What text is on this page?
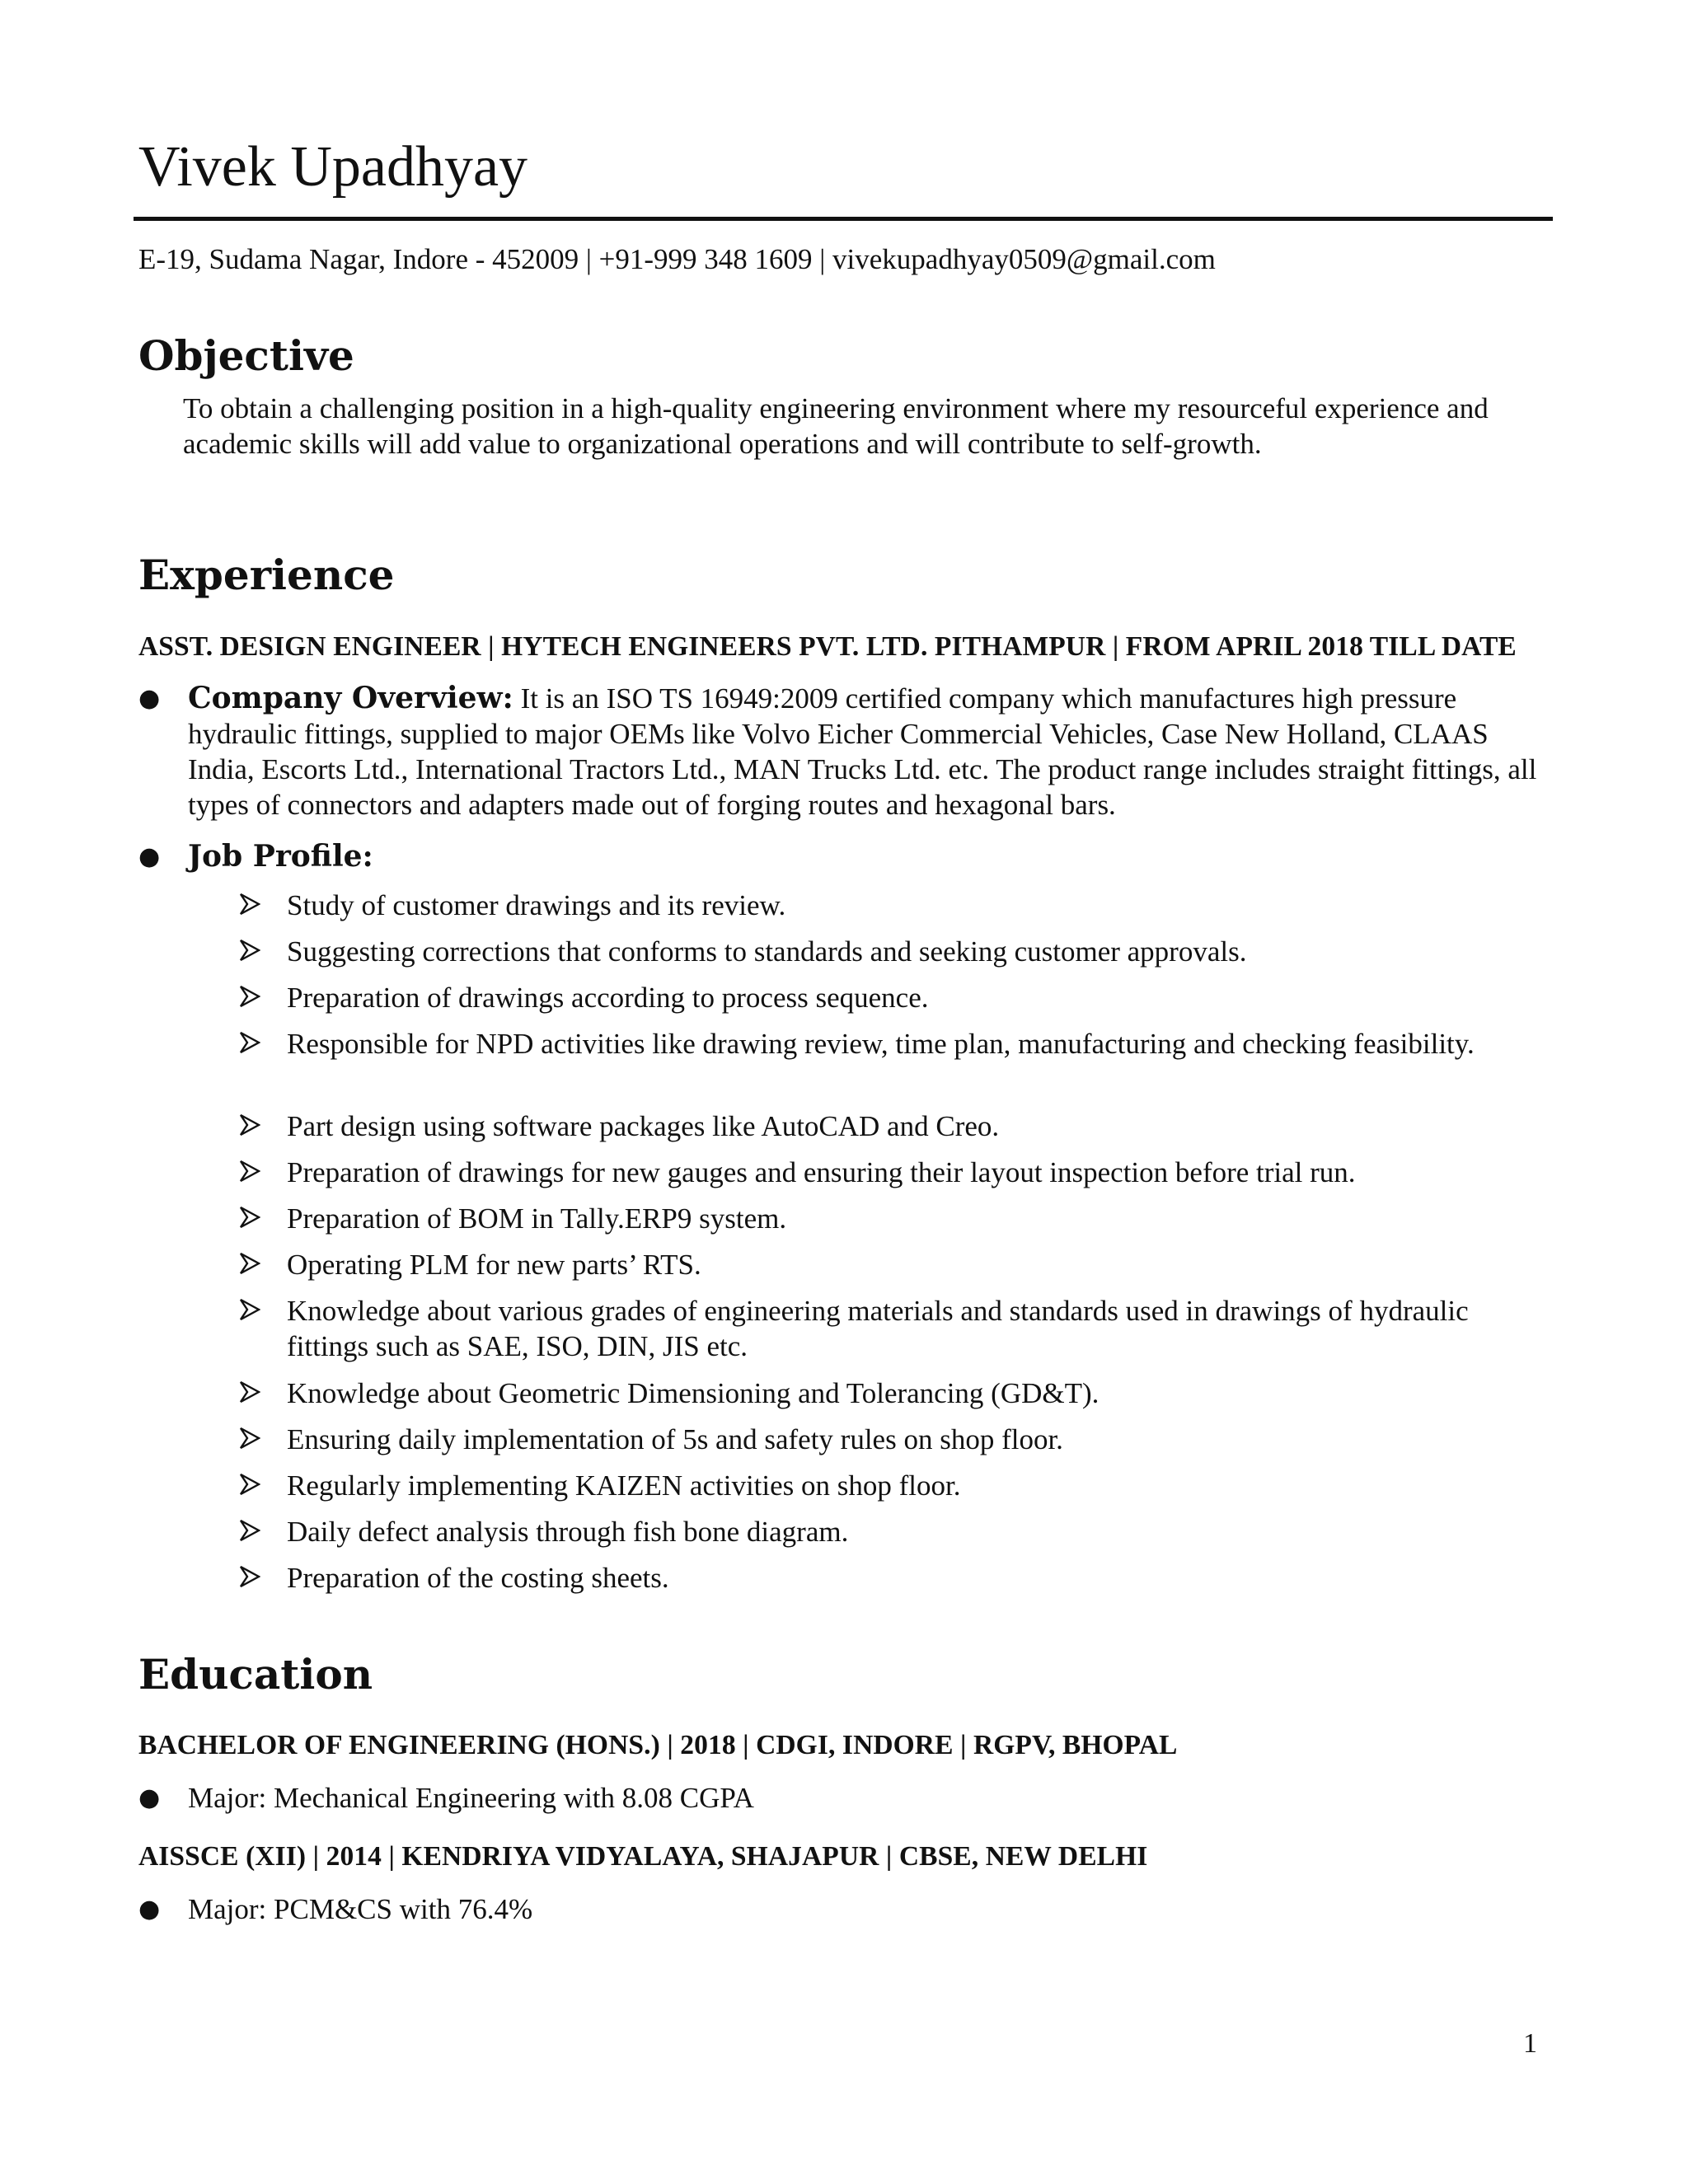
Vivek Upadhyay
E-19, Sudama Nagar, Indore - 452009 | +91-999 348 1609 | vivekupadhyay0509@gmail.com
Objective
To obtain a challenging position in a high-quality engineering environment where my resourceful experience and academic skills will add value to organizational operations and will contribute to self-growth.
Experience
ASST. DESIGN ENGINEER | HYTECH ENGINEERS PVT. LTD. PITHAMPUR | FROM APRIL 2018 TILL DATE
● Company Overview: It is an ISO TS 16949:2009 certified company which manufactures high pressure hydraulic fittings, supplied to major OEMs like Volvo Eicher Commercial Vehicles, Case New Holland, CLAAS India, Escorts Ltd., International Tractors Ltd., MAN Trucks Ltd. etc. The product range includes straight fittings, all types of connectors and adapters made out of forging routes and hexagonal bars.
● Job Profile:
Study of customer drawings and its review.
Suggesting corrections that conforms to standards and seeking customer approvals.
Preparation of drawings according to process sequence.
Responsible for NPD activities like drawing review, time plan, manufacturing and checking feasibility.
Part design using software packages like AutoCAD and Creo.
Preparation of drawings for new gauges and ensuring their layout inspection before trial run.
Preparation of BOM in Tally.ERP9 system.
Operating PLM for new parts’ RTS.
Knowledge about various grades of engineering materials and standards used in drawings of hydraulic fittings such as SAE, ISO, DIN, JIS etc.
Knowledge about Geometric Dimensioning and Tolerancing (GD&T).
Ensuring daily implementation of 5s and safety rules on shop floor.
Regularly implementing KAIZEN activities on shop floor.
Daily defect analysis through fish bone diagram.
Preparation of the costing sheets.
Education
BACHELOR OF ENGINEERING (HONS.) | 2018 | CDGI, INDORE | RGPV, BHOPAL
● Major: Mechanical Engineering with 8.08 CGPA
AISSCE (XII) | 2014 | KENDRIYA VIDYALAYA, SHAJAPUR | CBSE, NEW DELHI
● Major: PCM&CS with 76.4%
1
